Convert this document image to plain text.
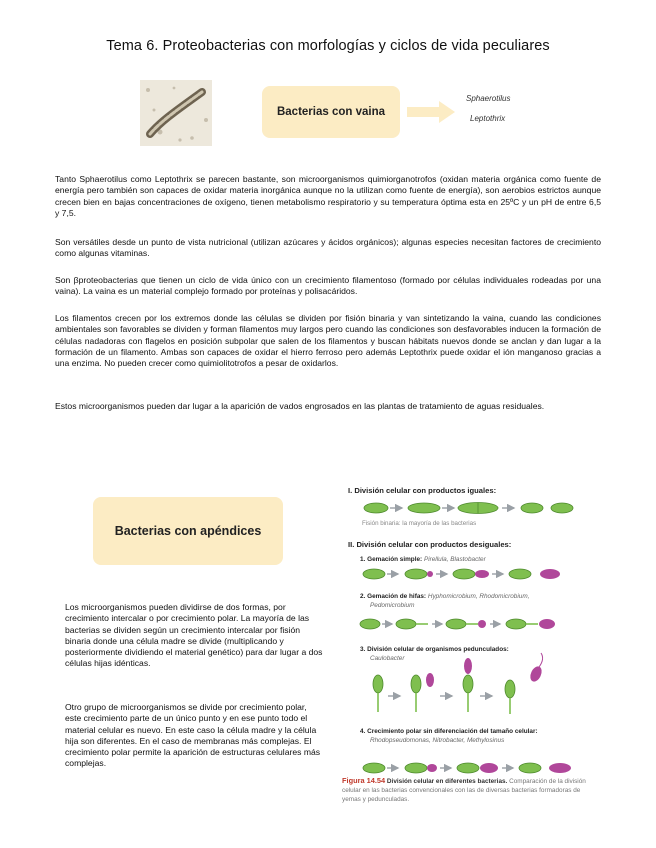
Tema 6. Proteobacterias con morfologías y ciclos de vida peculiares
Bacterias con vaina
Sphaerotilus
Leptothrix

Tanto Sphaerotilus como Leptothrix se parecen bastante, son microorganismos quimiorganotrofos (oxidan materia orgánica como fuente de energía pero también son capaces de oxidar materia inorgánica aunque no la utilizan como fuente de energía), son aerobios estrictos aunque crecen bien en bajas concentraciones de oxígeno, tienen metabolismo respiratorio y su temperatura óptima esta en 25ºC y un pH de entre 6,5 y 7,5.

Son versátiles desde un punto de vista nutricional (utilizan azúcares y ácidos orgánicos); algunas especies necesitan factores de crecimiento como algunas vitaminas.

Son βproteobacterias que tienen un ciclo de vida único con un crecimiento filamentoso (formado por células individuales rodeadas por una vaina). La vaina es un material complejo formado por proteínas y polisacáridos.

Los filamentos crecen por los extremos donde las células se dividen por fisión binaria y van sintetizando la vaina, cuando las condiciones ambientales son favorables se dividen y forman filamentos muy largos pero cuando las condiciones son desfavorables inducen la formación de células nadadoras con flagelos en posición subpolar que salen de los filamentos y buscan hábitats nuevos donde se anclan y dan lugar a la formación de un filamento. Ambas son capaces de oxidar el hierro ferroso pero además Leptothrix puede oxidar el ión manganoso gracias a una enzima. No pueden crecer como quimiolitotrofos a pesar de oxidarlos.

Estos microorganismos pueden dar lugar a la aparición de vados engrosados en las plantas de tratamiento de aguas residuales.

Bacterias con apéndices

Los microorganismos pueden dividirse de dos formas, por crecimiento intercalar o por crecimiento polar. La mayoría de las bacterias se dividen según un crecimiento intercalar por fisión binaria donde una célula madre se divide (multiplicando y posteriormente dividiendo el material genético) para dar lugar a dos células hijas idénticas.

Otro grupo de microorganismos se divide por crecimiento polar, este crecimiento parte de un único punto y en ese punto todo el material celular es nuevo. En este caso la célula madre y la célula hija son diferentes. En el caso de membranas más complejas. El crecimiento polar permite la aparición de estructuras celulares más complejas.

I. División celular con productos iguales:
Fisión binaria: la mayoría de las bacterias
II. División celular con productos desiguales:
1. Gemación simple: Pirellula, Blastobacter
2. Gemación de hifas: Hyphomicrobium, Rhodomicrobium,
Pedomicrobium
3. División celular de organismos pedunculados:
Caulobacter
4. Crecimiento polar sin diferenciación del tamaño celular:
Rhodopseudomonas, Nitrobacter, Methylosinus
Figura 14.54 División celular en diferentes bacterias. Comparación de la división celular en las bacterias convencionales con las de diversas bacterias formadoras de yemas y pedunculadas.
